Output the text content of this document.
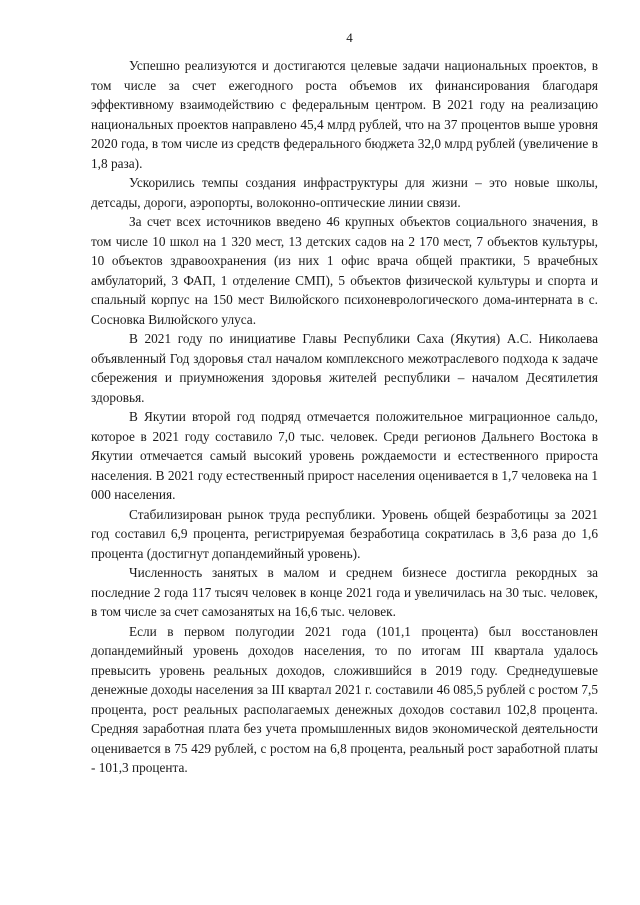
4

Успешно реализуются и достигаются целевые задачи национальных проектов, в том числе за счет ежегодного роста объемов их финансирования благодаря эффективному взаимодействию с федеральным центром. В 2021 году на реализацию национальных проектов направлено 45,4 млрд рублей, что на 37 процентов выше уровня 2020 года, в том числе из средств федерального бюджета 32,0 млрд рублей (увеличение в 1,8 раза).

Ускорились темпы создания инфраструктуры для жизни – это новые школы, детсады, дороги, аэропорты, волоконно-оптические линии связи.

За счет всех источников введено 46 крупных объектов социального значения, в том числе 10 школ на 1 320 мест, 13 детских садов на 2 170 мест, 7 объектов культуры, 10 объектов здравоохранения (из них 1 офис врача общей практики, 5 врачебных амбулаторий, 3 ФАП, 1 отделение СМП), 5 объектов физической культуры и спорта и спальный корпус на 150 мест Вилюйского психоневрологического дома-интерната в с. Сосновка Вилюйского улуса.

В 2021 году по инициативе Главы Республики Саха (Якутия) А.С. Николаева объявленный Год здоровья стал началом комплексного межотраслевого подхода к задаче сбережения и приумножения здоровья жителей республики – началом Десятилетия здоровья.

В Якутии второй год подряд отмечается положительное миграционное сальдо, которое в 2021 году составило 7,0 тыс. человек. Среди регионов Дальнего Востока в Якутии отмечается самый высокий уровень рождаемости и естественного прироста населения. В 2021 году естественный прирост населения оценивается в 1,7 человека на 1 000 населения.

Стабилизирован рынок труда республики. Уровень общей безработицы за 2021 год составил 6,9 процента, регистрируемая безработица сократилась в 3,6 раза до 1,6 процента (достигнут допандемийный уровень).

Численность занятых в малом и среднем бизнесе достигла рекордных за последние 2 года 117 тысяч человек в конце 2021 года и увеличилась на 30 тыс. человек, в том числе за счет самозанятых на 16,6 тыс. человек.

Если в первом полугодии 2021 года (101,1 процента) был восстановлен допандемийный уровень доходов населения, то по итогам III квартала удалось превысить уровень реальных доходов, сложившийся в 2019 году. Среднедушевые денежные доходы населения за III квартал 2021 г. составили 46 085,5 рублей с ростом 7,5 процента, рост реальных располагаемых денежных доходов составил 102,8 процента. Средняя заработная плата без учета промышленных видов экономической деятельности оценивается в 75 429 рублей, с ростом на 6,8 процента, реальный рост заработной платы - 101,3 процента.
